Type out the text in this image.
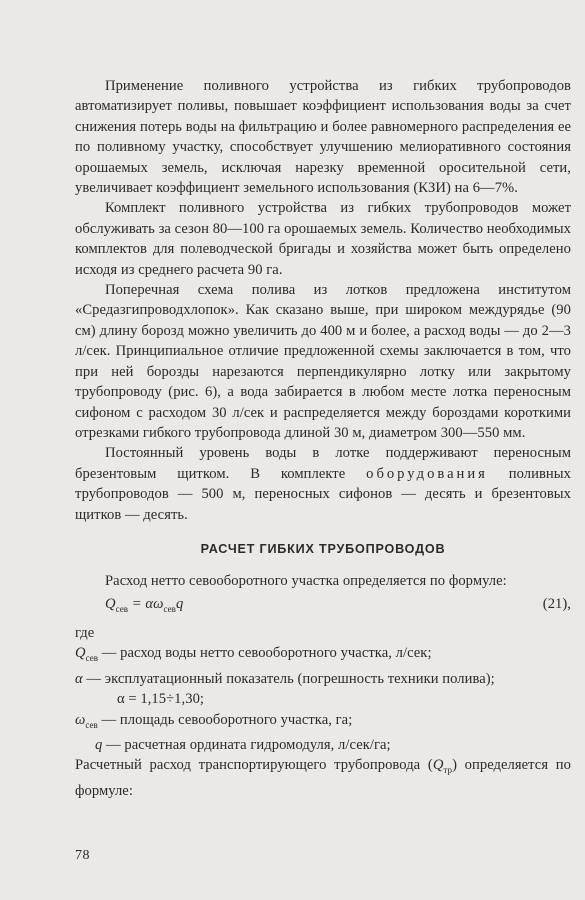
Применение поливного устройства из гибких трубопроводов автоматизирует поливы, повышает коэффициент использования воды за счет снижения потерь воды на фильтрацию и более равномерного распределения ее по поливному участку, способствует улучшению мелиоративного состояния орошаемых земель, исключая нарезку временной оросительной сети, увеличивает коэффициент земельного использования (КЗИ) на 6—7%.

Комплект поливного устройства из гибких трубопроводов может обслуживать за сезон 80—100 га орошаемых земель. Количество необходимых комплектов для полеводческой бригады и хозяйства может быть определено исходя из среднего расчета 90 га.

Поперечная схема полива из лотков предложена институтом «Средазгипроводхлопок». Как сказано выше, при широком междурядье (90 см) длину борозд можно увеличить до 400 м и более, а расход воды — до 2—3 л/сек. Принципиальное отличие предложенной схемы заключается в том, что при ней борозды нарезаются перпендикулярно лотку или закрытому трубопроводу (рис. 6), а вода забирается в любом месте лотка переносным сифоном с расходом 30 л/сек и распределяется между бороздами короткими отрезками гибкого трубопровода длиной 30 м, диаметром 300—550 мм.

Постоянный уровень воды в лотке поддерживают переносным брезентовым щитком. В комплекте оборудования поливных трубопроводов — 500 м, переносных сифонов — десять и брезентовых щитков — десять.

РАСЧЕТ ГИБКИХ ТРУБОПРОВОДОВ

Расход нетто севооборотного участка определяется по формуле:

$Q_{сев} = \alpha\omega_{сев}q$	(21),

где

$Q_{сев}$ — расход воды нетто севооборотного участка, л/сек;

α — эксплуатационный показатель (погрешность техники полива);

α = 1,15÷1,30;

$\omega_{сев}$ — площадь севооборотного участка, га;

q — расчетная ордината гидромодуля, л/сек/га;

Расчетный расход транспортирующего трубопровода $(Q_{тр})$ определяется по формуле:

78
